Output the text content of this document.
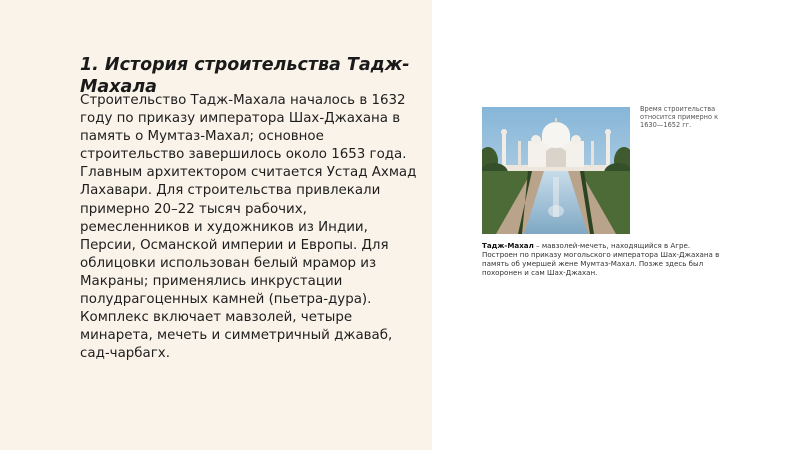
1. История строительства Тадж-Махала

Строительство Тадж-Махала началось в 1632 году по приказу императора Шах-Джахана в память о Мумтаз-Махал; основное строительство завершилось около 1653 года. Главным архитектором считается Устад Ахмад Лахавари. Для строительства привлекали примерно 20–22 тысяч рабочих, ремесленников и художников из Индии, Персии, Османской империи и Европы. Для облицовки использован белый мрамор из Макраны; применялись инкрустации полудрагоценных камней (пьетра-дура). Комплекс включает мавзолей, четыре минарета, мечеть и симметричный джаваб, сад-чарбагх.

Время строительства относится примерно к 1630—1652 гг.

Тадж-Махал – мавзолей-мечеть, находящийся в Агре. Построен по приказу могольского императора Шах-Джахана в память об умершей жене Мумтаз-Махал. Позже здесь был похоронен и сам Шах-Джахан.
